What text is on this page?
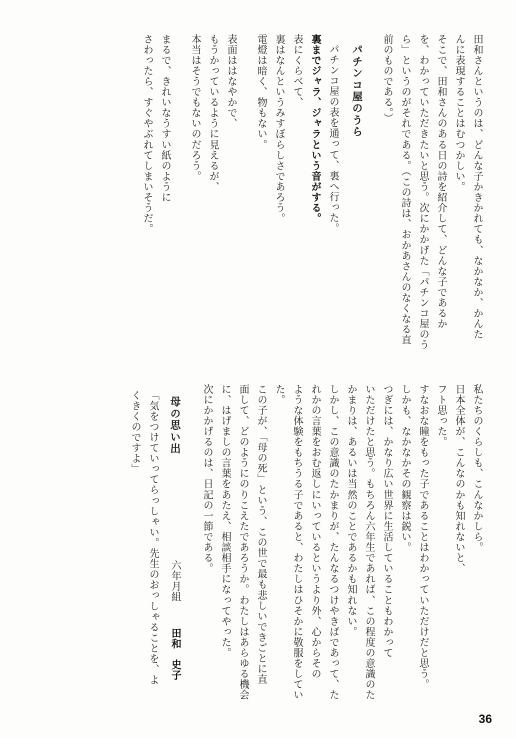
田和さんというのは、どんな子かきかれても、なかなか、かんた
んに表現することはむつかしい。
そこで、田和さんのある日の詩を紹介して、どんな子であるか
を、わかっていただきたいと思う。次にかかげた「パチンコ屋のう
ら」というのがそれである。（この詩は、おかあさんのなくなる直
前のものである。）
パチンコ屋のうら
パチンコ屋の表を通って、裏へ行った。
裏までジャラ、ジャラという音がする。
表にくらべて、
裏はなんというみすぼらしさであろう。
電燈は暗く、物もない。
表面ははなやかで、
もうかっているように見えるが、
本当はそうでもないのだろう。
まるで、きれいなうすい紙のように
さわったら、すぐやぶれてしまいそうだ。
私たちのくらしも、こんなかしら。
日本全体が、こんなのかも知れないと、
フト思った。
すなおな瞳をもった子であることはわかっていただけだと思う。
しかも、なかなかその観察は鋭い。
つぎには、かなり広い世界に生活していることもわかって
いただけたと思う。もちろん六年生であれば、この程度の意識のた
かまりは、あるいは当然のことであるかも知れない。
しかし、この意識のたかまりが、たんなるつけやきばであって、た
れかの言葉をおむ返しにいっているというより外、心からその
ような体験をもちうる子であると、わたしはひそかに敬服をしてい
た。
この子が、「母の死」という、この世で最も悲しいできごとに直
面して、どのようにのりこえたであろうか。わたしはあらゆる機会
に、はげましの言葉をあたえ、相談相手になってやった。
次にかかげるのは、日記の一節である。
母の思い出
六年月組
田和　史子
「気をつけていってらっしゃい。先生のおっしゃることを、よ
くきくのですよ」
36
